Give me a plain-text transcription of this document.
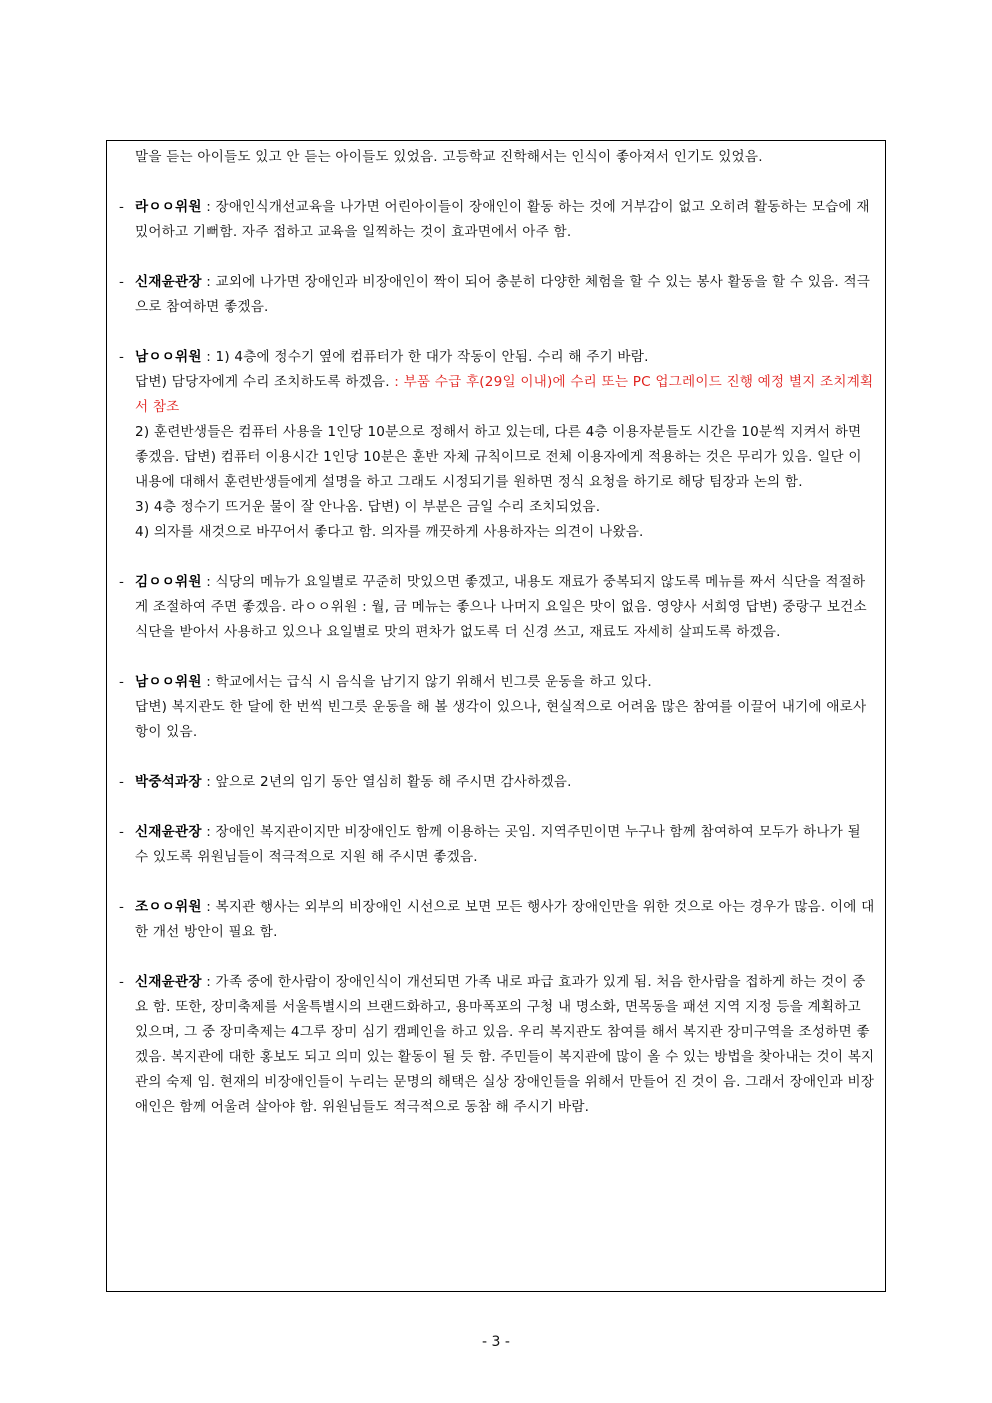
말을 듣는 아이들도 있고 안 듣는 아이들도 있었음. 고등학교 진학해서는 인식이 좋아져서 인기도 있었음.

- 라ㅇㅇ위원 : 장애인식개선교육을 나가면 어린아이들이 장애인이 활동 하는 것에 거부감이 없고 오히려 활동하는 모습에 재밌어하고 기뻐함. 자주 접하고 교육을 일찍하는 것이 효과면에서 아주 함.

- 신재윤관장 : 교외에 나가면 장애인과 비장애인이 짝이 되어 충분히 다양한 체험을 할 수 있는 봉사 활동을 할 수 있음. 적극으로 참여하면 좋겠음.

- 남ㅇㅇ위원 : 1) 4층에 정수기 옆에 컴퓨터가 한 대가 작동이 안됨. 수리 해 주기 바람.

답변) 담당자에게 수리 조치하도록 하겠음. : 부품 수급 후(29일 이내)에 수리 또는 PC 업그레이드 진행 예정 별지 조치계획서 참조

2) 훈련반생들은 컴퓨터 사용을 1인당 10분으로 정해서 하고 있는데, 다른 4층 이용자분들도 시간을 10분씩 지켜서 하면 좋겠음. 답변) 컴퓨터 이용시간 1인당 10분은 훈반 자체 규칙이므로 전체 이용자에게 적용하는 것은 무리가 있음. 일단 이 내용에 대해서 훈련반생들에게 설명을 하고 그래도 시정되기를 원하면 정식 요청을 하기로 해당 팀장과 논의 함.

3) 4층 정수기 뜨거운 물이 잘 안나옴. 답변) 이 부분은 금일 수리 조치되었음.

4) 의자를 새것으로 바꾸어서 좋다고 함. 의자를 깨끗하게 사용하자는 의견이 나왔음.

- 김ㅇㅇ위원 : 식당의 메뉴가 요일별로 꾸준히 맛있으면 좋겠고, 내용도 재료가 중복되지 않도록 메뉴를 짜서 식단을 적절하게 조절하여 주면 좋겠음. 라ㅇㅇ위원 : 월, 금 메뉴는 좋으나 나머지 요일은 맛이 없음. 영양사 서희영 답변) 중랑구 보건소 식단을 받아서 사용하고 있으나 요일별로 맛의 편차가 없도록 더 신경 쓰고, 재료도 자세히 살피도록 하겠음.

- 남ㅇㅇ위원 : 학교에서는 급식 시 음식을 남기지 않기 위해서 빈그릇 운동을 하고 있다.

답변) 복지관도 한 달에 한 번씩 빈그릇 운동을 해 볼 생각이 있으나, 현실적으로 어려움 많은 참여를 이끌어 내기에 애로사항이 있음.

- 박중석과장 : 앞으로 2년의 임기 동안 열심히 활동 해 주시면 감사하겠음.

- 신재윤관장 : 장애인 복지관이지만 비장애인도 함께 이용하는 곳임. 지역주민이면 누구나 함께 참여하여 모두가 하나가 될 수 있도록 위원님들이 적극적으로 지원 해 주시면 좋겠음.

- 조ㅇㅇ위원 : 복지관 행사는 외부의 비장애인 시선으로 보면 모든 행사가 장애인만을 위한 것으로 아는 경우가 많음. 이에 대한 개선 방안이 필요 함.

- 신재윤관장 : 가족 중에 한사람이 장애인식이 개선되면 가족 내로 파급 효과가 있게 됨. 처음 한사람을 접하게 하는 것이 중요 함. 또한, 장미축제를 서울특별시의 브랜드화하고, 용마폭포의 구청 내 명소화, 면목동을 패션 지역 지정 등을 계획하고 있으며, 그 중 장미축제는 4그루 장미 심기 캠페인을 하고 있음. 우리 복지관도 참여를 해서 복지관 장미구역을 조성하면 좋겠음. 복지관에 대한 홍보도 되고 의미 있는 활동이 될 듯 함. 주민들이 복지관에 많이 올 수 있는 방법을 찾아내는 것이 복지관의 숙제 임. 현재의 비장애인들이 누리는 문명의 해택은 실상 장애인들을 위해서 만들어 진 것이 음. 그래서 장애인과 비장애인은 함께 어울려 살아야 함. 위원님들도 적극적으로 동참 해 주시기 바람.

- 3 -
